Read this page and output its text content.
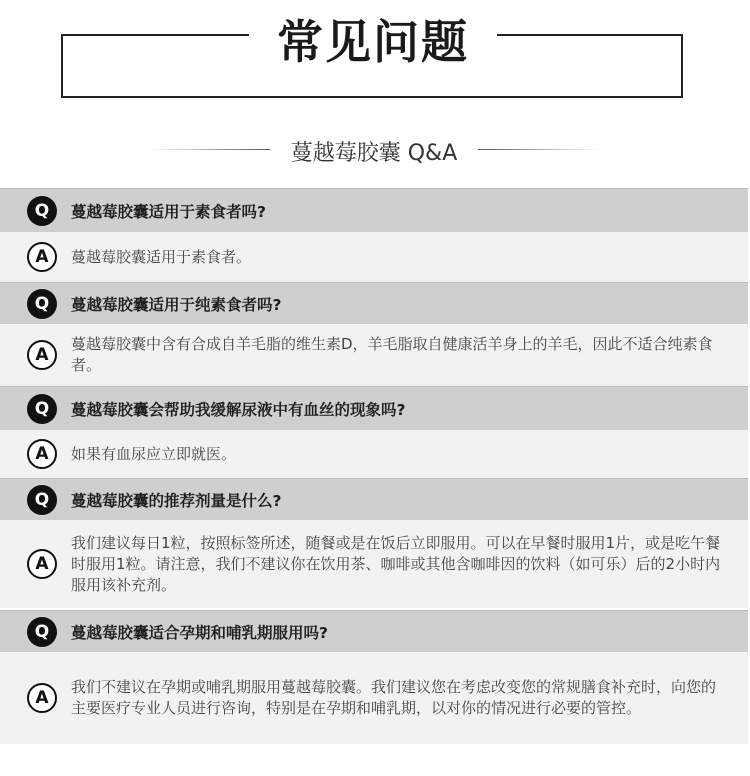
常见问题
蔓越莓胶囊 Q&A
Q	蔓越莓胶囊适用于素食者吗?
A	蔓越莓胶囊适用于素食者。
Q	蔓越莓胶囊适用于纯素食者吗?
A
蔓越莓胶囊中含有合成自羊毛脂的维生素D，羊毛脂取自健康活羊身上的羊毛，因此不适合纯素食者。
Q	蔓越莓胶囊会帮助我缓解尿液中有血丝的现象吗?
A	如果有血尿应立即就医。
Q	蔓越莓胶囊的推荐剂量是什么?
A
我们建议每日1粒，按照标签所述，随餐或是在饭后立即服用。可以在早餐时服用1片，或是吃午餐时服用1粒。请注意，我们不建议你在饮用茶、咖啡或其他含咖啡因的饮料（如可乐）后的2小时内服用该补充剂。
Q	蔓越莓胶囊适合孕期和哺乳期服用吗?
A
我们不建议在孕期或哺乳期服用蔓越莓胶囊。我们建议您在考虑改变您的常规膳食补充时，向您的主要医疗专业人员进行咨询，特别是在孕期和哺乳期，以对你的情况进行必要的管控。
